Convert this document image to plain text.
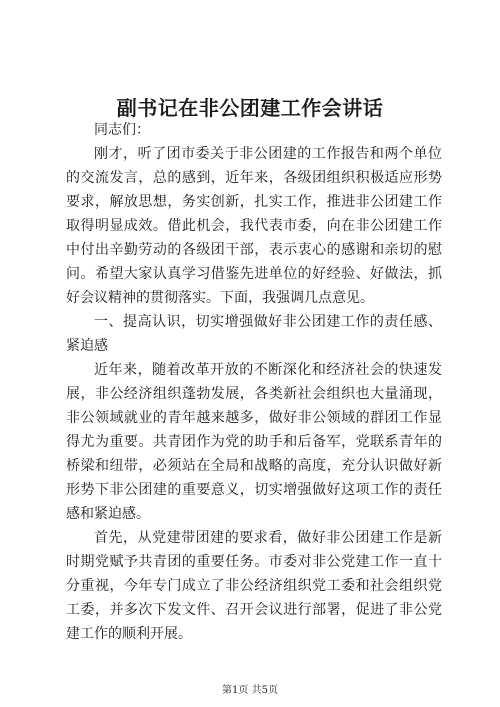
副书记在非公团建工作会讲话

同志们：

刚才，听了团市委关于非公团建的工作报告和两个单位的交流发言，总的感到，近年来，各级团组织积极适应形势要求，解放思想，务实创新，扎实工作，推进非公团建工作取得明显成效。借此机会，我代表市委，向在非公团建工作中付出辛勤劳动的各级团干部，表示衷心的感谢和亲切的慰问。希望大家认真学习借鉴先进单位的好经验、好做法，抓好会议精神的贯彻落实。下面，我强调几点意见。

一、提高认识，切实增强做好非公团建工作的责任感、紧迫感

近年来，随着改革开放的不断深化和经济社会的快速发展，非公经济组织蓬勃发展，各类新社会组织也大量涌现，非公领域就业的青年越来越多，做好非公领域的群团工作显得尤为重要。共青团作为党的助手和后备军，党联系青年的桥梁和纽带，必须站在全局和战略的高度，充分认识做好新形势下非公团建的重要意义，切实增强做好这项工作的责任感和紧迫感。

首先，从党建带团建的要求看，做好非公团建工作是新时期党赋予共青团的重要任务。市委对非公党建工作一直十分重视，今年专门成立了非公经济组织党工委和社会组织党工委，并多次下发文件、召开会议进行部署，促进了非公党建工作的顺利开展。

第1页 共5页
